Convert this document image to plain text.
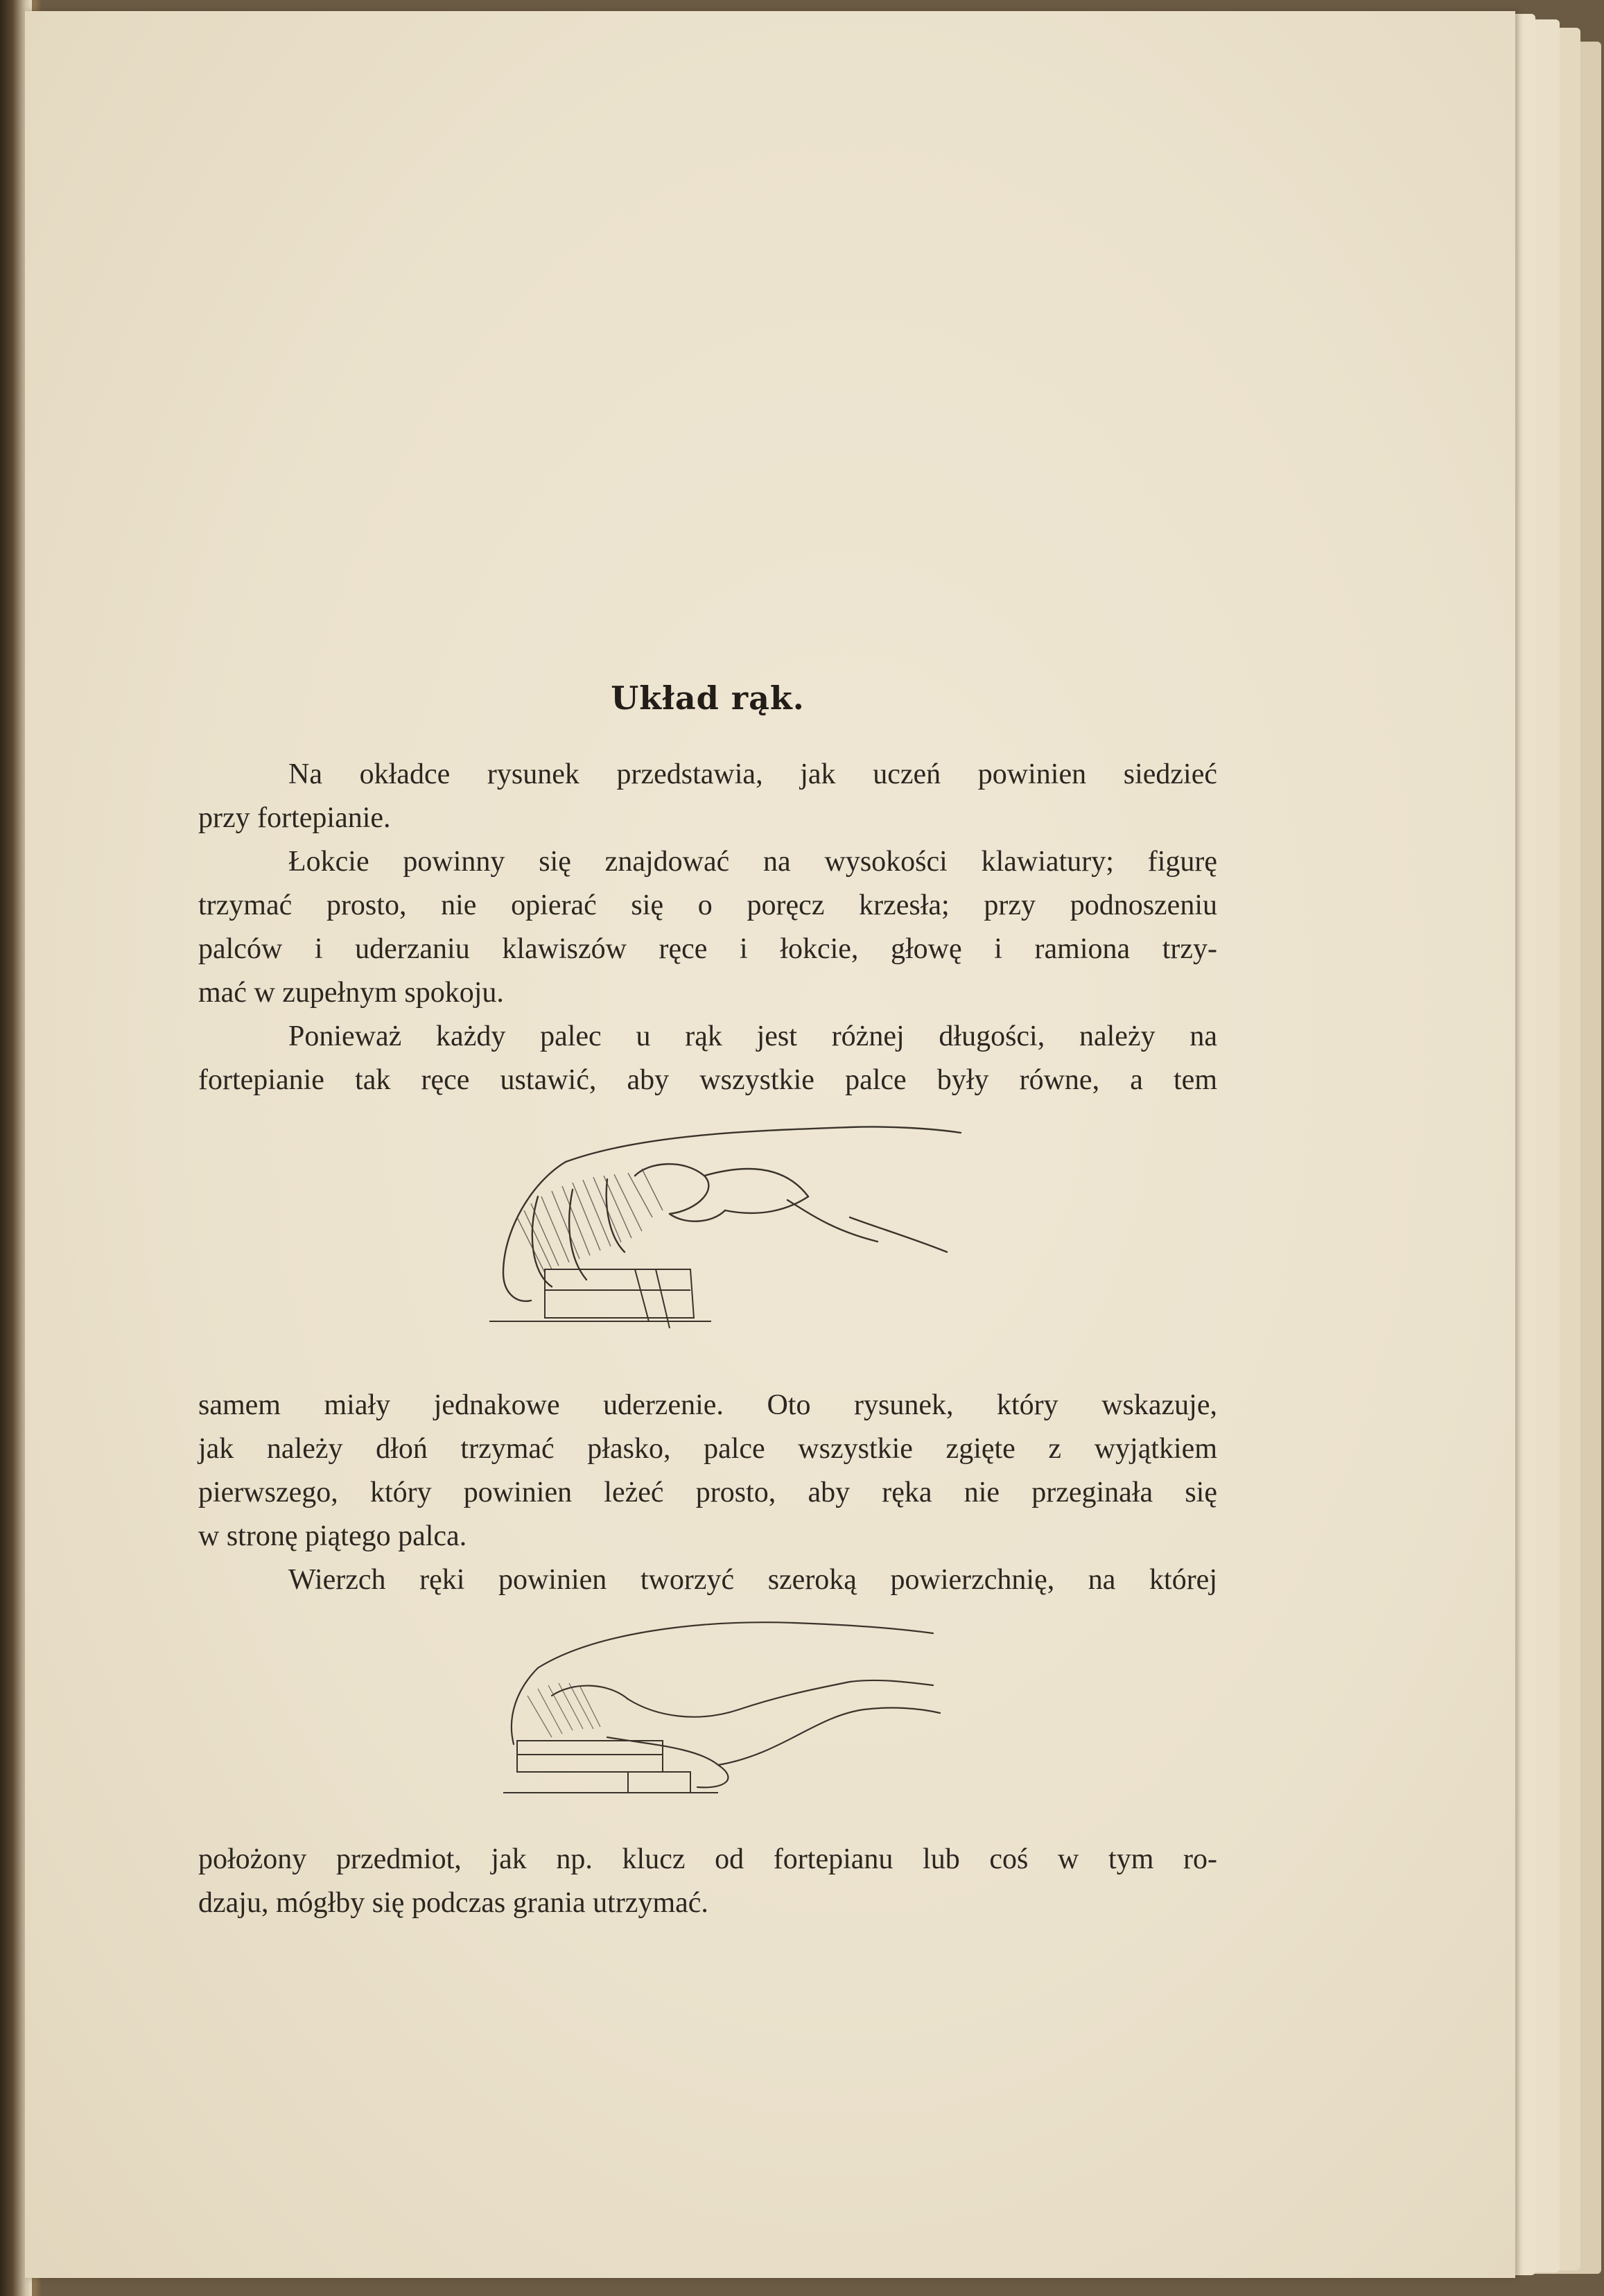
Układ rąk.
Na okładce rysunek przedstawia, jak uczeń powinien siedzieć
przy fortepianie.
Łokcie powinny się znajdować na wysokości klawiatury; figurę
trzymać prosto, nie opierać się o poręcz krzesła; przy podnoszeniu
palców i uderzaniu klawiszów ręce i łokcie, głowę i ramiona trzy-
mać w zupełnym spokoju.
Ponieważ każdy palec u rąk jest różnej długości, należy na
fortepianie tak ręce ustawić, aby wszystkie palce były równe, a tem
samem miały jednakowe uderzenie. Oto rysunek, który wskazuje,
jak należy dłoń trzymać płasko, palce wszystkie zgięte z wyjątkiem
pierwszego, który powinien leżeć prosto, aby ręka nie przeginała się
w stronę piątego palca.
Wierzch ręki powinien tworzyć szeroką powierzchnię, na której
położony przedmiot, jak np. klucz od fortepianu lub coś w tym ro-
dzaju, mógłby się podczas grania utrzymać.
